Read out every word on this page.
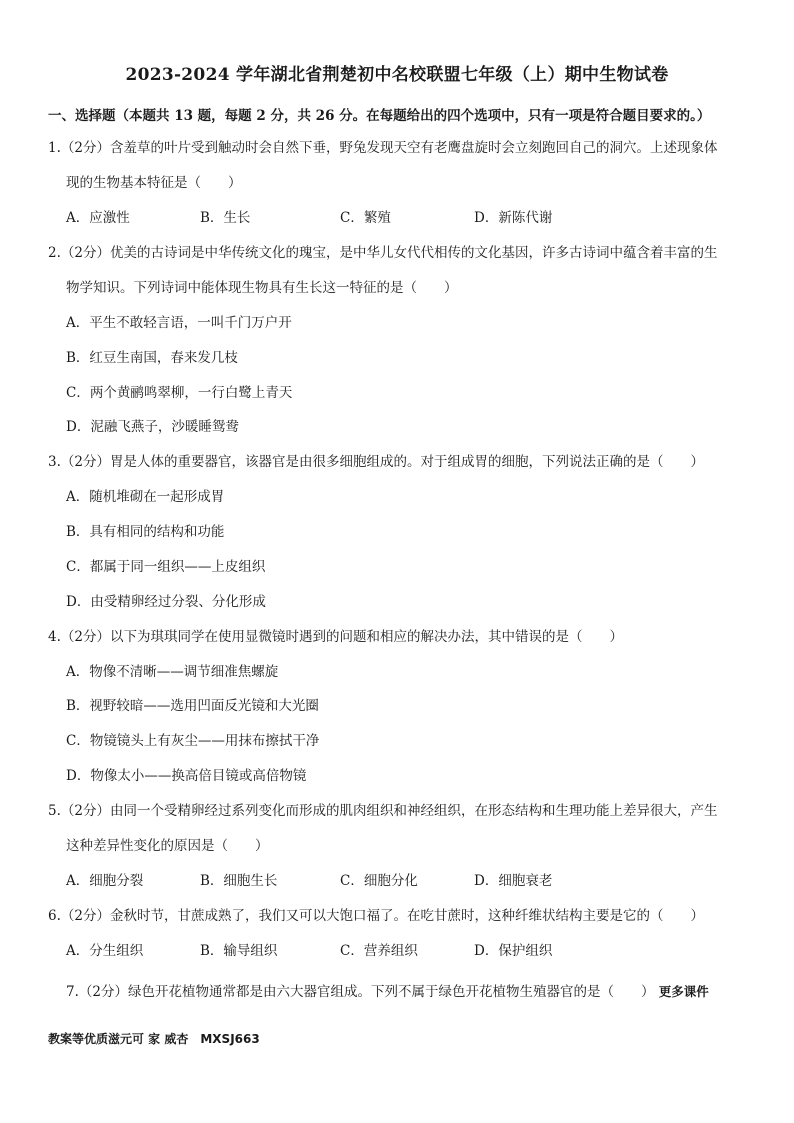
2023-2024 学年湖北省荆楚初中名校联盟七年级（上）期中生物试卷
一、选择题（本题共 13 题，每题 2 分，共 26 分。在每题给出的四个选项中，只有一项是符合题目要求的。）
1.（2分）含羞草的叶片受到触动时会自然下垂，野兔发现天空有老鹰盘旋时会立刻跑回自己的洞穴。上述现象体
现的生物基本特征是（　　）
A．应激性	B．生长	C．繁殖	D．新陈代谢
2.（2分）优美的古诗词是中华传统文化的瑰宝，是中华儿女代代相传的文化基因，许多古诗词中蕴含着丰富的生
物学知识。下列诗词中能体现生物具有生长这一特征的是（　　）
A．平生不敢轻言语，一叫千门万户开
B．红豆生南国，春来发几枝
C．两个黄鹂鸣翠柳，一行白鹭上青天
D．泥融飞燕子，沙暖睡鸳鸯
3.（2分）胃是人体的重要器官，该器官是由很多细胞组成的。对于组成胃的细胞，下列说法正确的是（　　）
A．随机堆砌在一起形成胃
B．具有相同的结构和功能
C．都属于同一组织——上皮组织
D．由受精卵经过分裂、分化形成
4.（2分）以下为琪琪同学在使用显微镜时遇到的问题和相应的解决办法，其中错误的是（　　）
A．物像不清晰——调节细准焦螺旋
B．视野较暗——选用凹面反光镜和大光圈
C．物镜镜头上有灰尘——用抹布擦拭干净
D．物像太小——换高倍目镜或高倍物镜
5.（2分）由同一个受精卵经过系列变化而形成的肌肉组织和神经组织，在形态结构和生理功能上差异很大，产生
这种差异性变化的原因是（　　）
A．细胞分裂	B．细胞生长	C．细胞分化	D．细胞衰老
6.（2分）金秋时节，甘蔗成熟了，我们又可以大饱口福了。在吃甘蔗时，这种纤维状结构主要是它的（　　）
A．分生组织	B．输导组织	C．营养组织	D．保护组织
7.（2分）绿色开花植物通常都是由六大器官组成。下列不属于绿色开花植物生殖器官的是（　　） 更多课件
教案等优质滋元可 家 威杏　MXSJ663
